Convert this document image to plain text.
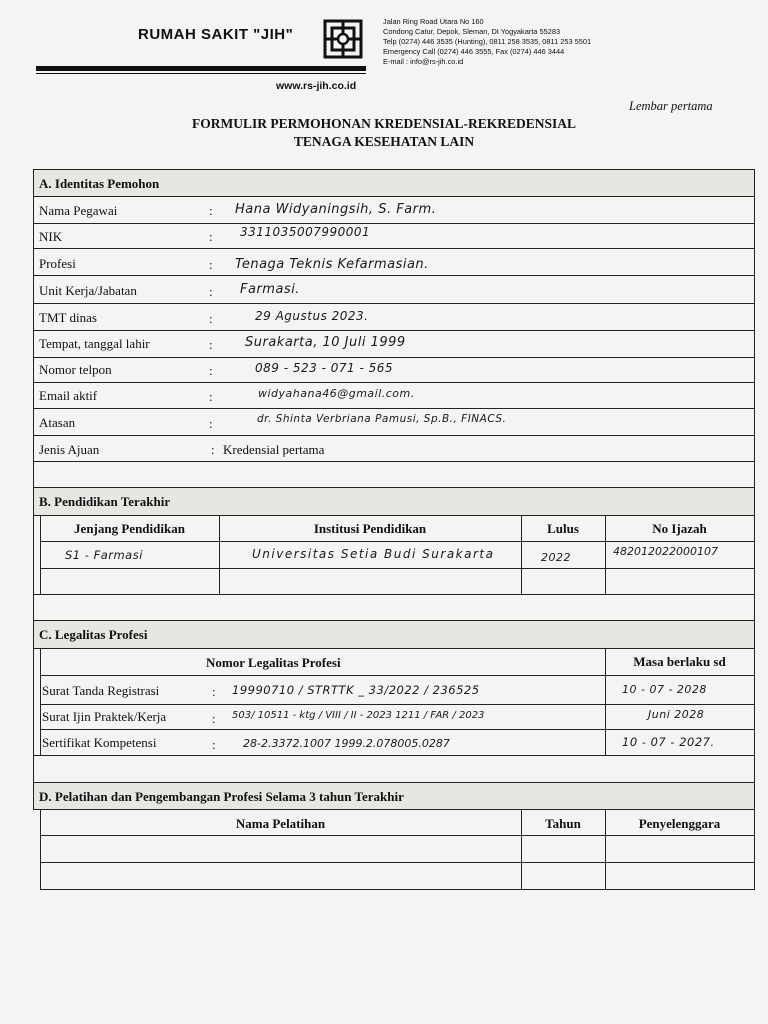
RUMAH SAKIT "JIH"
Jalan Ring Road Utara No 160
Condong Catur, Depok, Sleman, DI Yogyakarta 55283
Telp (0274) 446 3535 (Hunting), 0811 258 3535, 0811 253 5501
Emergency Call (0274) 446 3555, Fax (0274) 446 3444
E-mail : info@rs-jih.co.id
www.rs-jih.co.id
Lembar pertama
FORMULIR PERMOHONAN KREDENSIAL-REKREDENSIAL
TENAGA KESEHATAN LAIN
A. Identitas Pemohon
Nama Pegawai	: Hana Widyaningsih, S. Farm.
NIK	: 3311035007990001
Profesi	: Tenaga Teknis Kefarmasian.
Unit Kerja/Jabatan	: Farmasi.
TMT dinas	:	29 Agustus 2023.
Tempat, tanggal lahir	: Surakarta, 10 Juli 1999
Nomor telpon	:	089 - 523 - 071 - 565
Email aktif	:	widyahana46@gmail.com.
Atasan	:	dr. Shinta Verbriana Pamusi, Sp.B., FINACS.
Jenis Ajuan	: Kredensial pertama
B. Pendidikan Terakhir
Jenjang Pendidikan	Institusi Pendidikan	Lulus	No Ijazah
S1 - Farmasi	Universitas Setia Budi Surakarta	2022	482012022000107
C. Legalitas Profesi
Nomor Legalitas Profesi	Masa berlaku sd
Surat Tanda Registrasi	: 19990710 / STRTTK _ 33/2022 / 236525	10 - 07 - 2028
Surat Ijin Praktek/Kerja	: 503/ 10511 - ktg / VIII / II - 2023 1211 / FAR / 2023	Juni 2028
Sertifikat Kompetensi	: 28-2.3372.1007 1999.2.078005.0287	10 - 07 - 2027.
D. Pelatihan dan Pengembangan Profesi Selama 3 tahun Terakhir
Nama Pelatihan	Tahun	Penyelenggara
